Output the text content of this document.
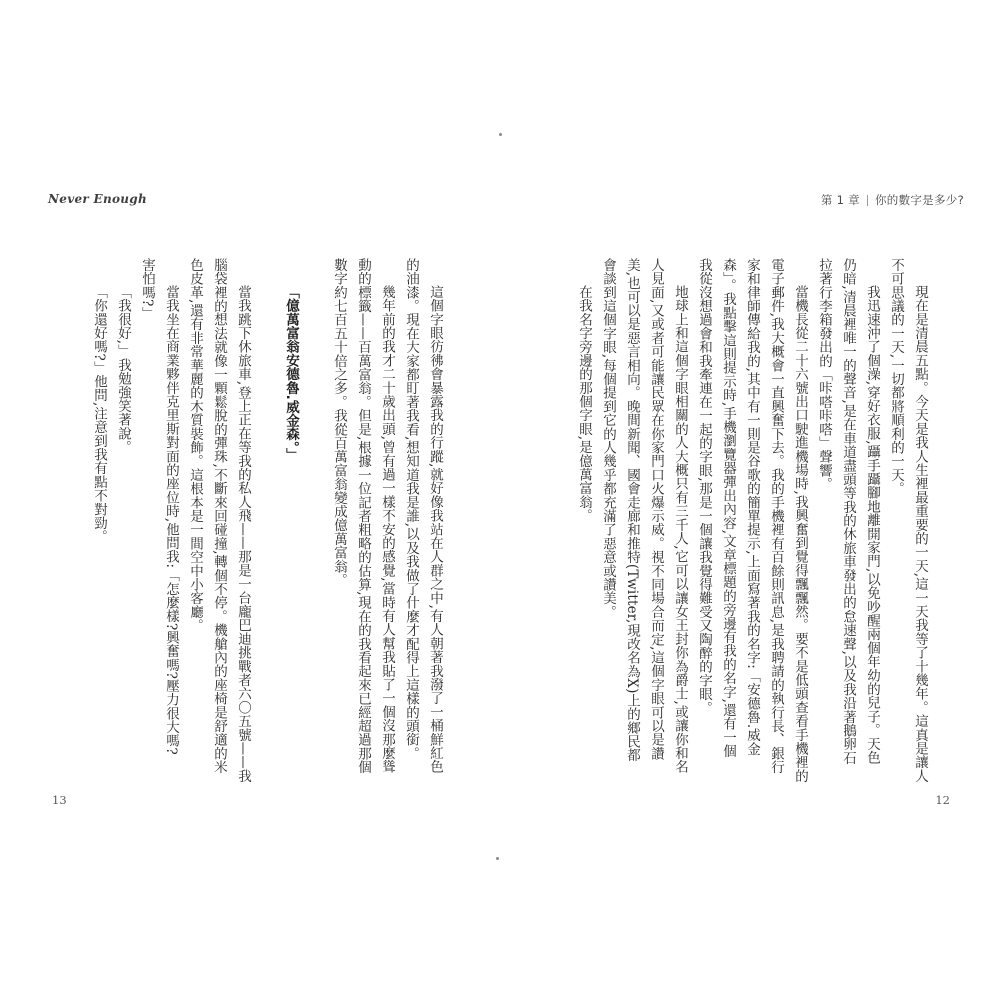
Never Enough	第 1 章 你的數字是多少?
現在是清晨五點。今天是我人生裡最重要的一天,這一天我等了十幾年。這真是讓人
不可思議的一天,一切都將順利的一天。
我迅速沖了個澡,穿好衣服,躡手躡腳地離開家門,以免吵醒兩個年幼的兒子。天色
仍暗,清晨裡唯一的聲音,是在車道盡頭等我的休旅車發出的怠速聲,以及我沿著鵝卵石
拉著行李箱發出的「咔嗒咔嗒」聲響。
當機長從二十六號出口駛進機場時,我興奮到覺得飄飄然。要不是低頭查看手機裡的
電子郵件,我大概會一直興奮下去。我的手機裡有百餘則訊息,是我聘請的執行長、銀行
家和律師傳給我的,其中有一則是谷歌的簡單提示,上面寫著我的名字:「安德魯.威金
森」。我點擊這則提示時,手機瀏覽器彈出內容,文章標題的旁邊有我的名字,還有一個
我從沒想過會和我牽連在一起的字眼,那是一個讓我覺得難受又陶醉的字眼。
地球上和這個字眼相關的人大概只有三千人,它可以讓女王封你為爵士,或讓你和名
人見面,又或者可能讓民眾在你家門口火爆示威。視不同場合而定,這個字眼可以是讚
美,也可以是惡言相向。晚間新聞、國會走廊和推特(Twitter,現改名為X)上的鄉民都
會談到這個字眼,每個提到它的人幾乎都充滿了惡意或讚美。
在我名字旁邊的那個字眼,是億萬富翁。
這個字眼彷彿會暴露我的行蹤,就好像我站在人群之中,有人朝著我潑了一桶鮮紅色
的油漆。現在大家都盯著我看,想知道我是誰,以及我做了什麼才配得上這樣的頭銜。
幾年前的我才二十歲出頭,曾有過一樣不安的感覺,當時有人幫我貼了一個沒那麼聳
動的標籤——百萬富翁。但是,根據一位記者粗略的估算,現在的我看起來已經超過那個
數字約七百五十倍之多。我從百萬富翁變成億萬富翁。
「億萬富翁安德魯.威金森。」
當我跳下休旅車,登上正在等我的私人飛——那是一台龐巴迪挑戰者六〇五號——我
腦袋裡的想法就像一顆鬆脫的彈珠,不斷來回碰撞,轉個不停。機艙內的座椅是舒適的米
色皮革,還有非常華麗的木質裝飾。這根本是一間空中小客廳。
當我坐在商業夥伴克里斯對面的座位時,他問我:「怎麼樣?興奮嗎?壓力很大嗎?
害怕嗎?」
「我很好,」我勉強笑著說。
「你還好嗎?」他問,注意到我有點不對勁。
13	12
